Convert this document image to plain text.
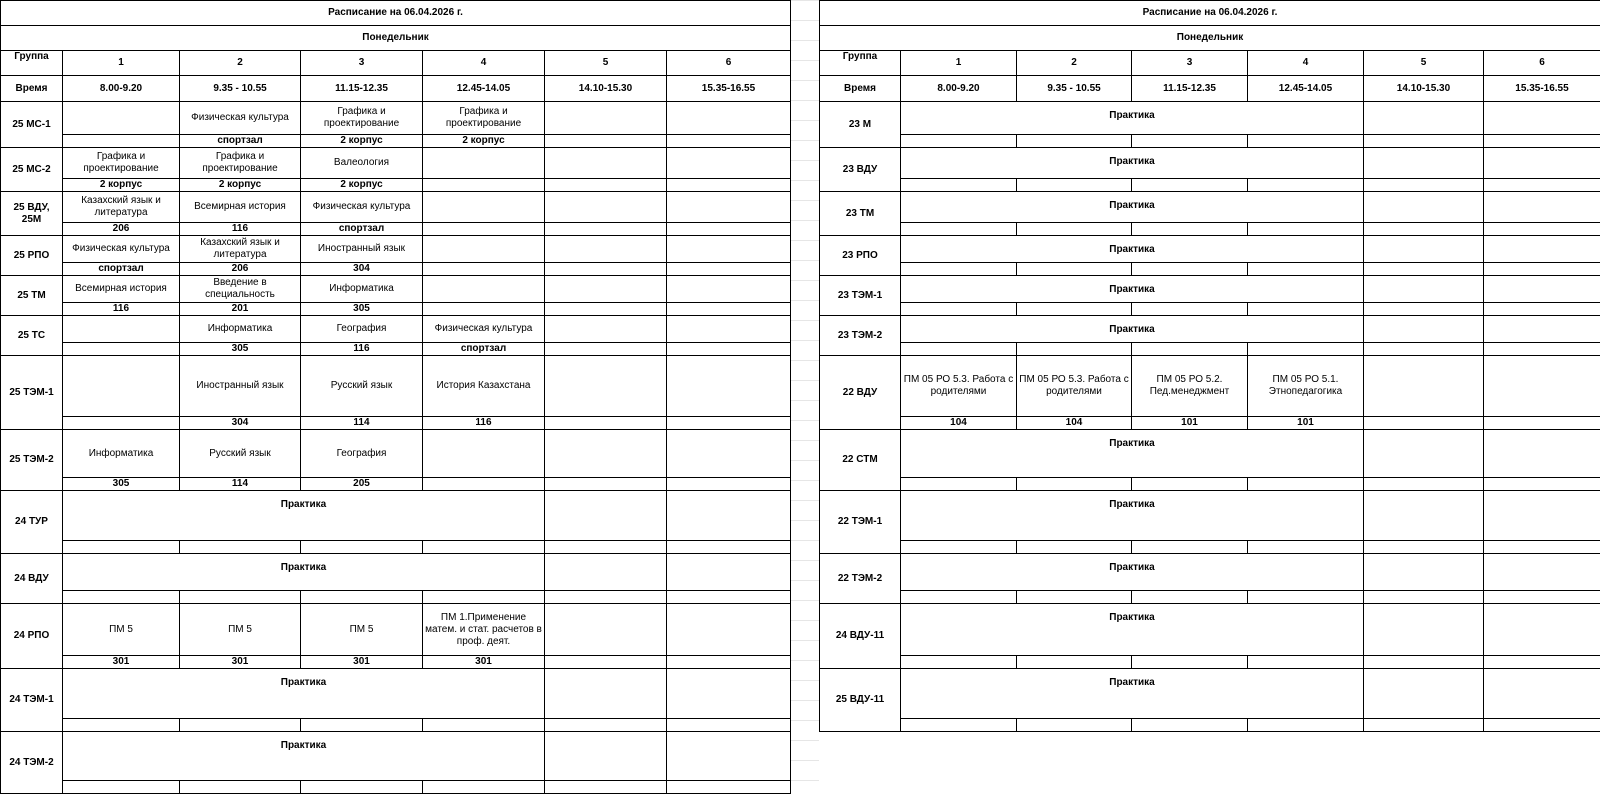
Расписание на 06.04.2026 г.						
Понедельник						
Группа	1	2	3	4	5	6
Время	8.00-9.20	9.35 - 10.55	11.15-12.35	12.45-14.05	14.10-15.30	15.35-16.55
25 МС-1		Физическая культура	Графика и проектирование	Графика и проектирование		
		спортзал	2 корпус	2 корпус		
25 МС-2	Графика и проектирование	Графика и проектирование	Валеология			
	2 корпус	2 корпус	2 корпус			
25 ВДУ, 25М	Казахский язык и литература	Всемирная история	Физическая культура			
	206	116	спортзал			
25 РПО	Физическая культура	Казахский язык и литература	Иностранный язык			
	спортзал	206	304			
25 ТМ	Всемирная история	Введение в специальность	Информатика			
	116	201	305			
25 ТС		Информатика	География	Физическая культура		
		305	116	спортзал		
25 ТЭМ-1		Иностранный язык	Русский язык	История Казахстана		
		304	114	116		
25 ТЭМ-2	Информатика	Русский язык	География			
	305	114	205			
24 ТУР	Практика					

24 ВДУ	Практика					

24 РПО	ПМ 5	ПМ 5	ПМ 5	ПМ 1.Применение матем. и стат. расчетов в проф. деят.		
	301	301	301	301		
24 ТЭМ-1	Практика					

24 ТЭМ-2	Практика					

Расписание на 06.04.2026 г.						
Понедельник						
Группа	1	2	3	4	5	6
Время	8.00-9.20	9.35 - 10.55	11.15-12.35	12.45-14.05	14.10-15.30	15.35-16.55
23 М	Практика					

23 ВДУ	Практика					

23 ТМ	Практика					

23 РПО	Практика					

23 ТЭМ-1	Практика					

23 ТЭМ-2	Практика					

22 ВДУ	ПМ 05 РО 5.3. Работа с родителями	ПМ 05 РО 5.3. Работа с родителями	ПМ 05 РО 5.2. Пед.менеджмент	ПМ 05 РО 5.1. Этнопедагогика		
	104	104	101	101		
22 СТМ	Практика					

22 ТЭМ-1	Практика					

22 ТЭМ-2	Практика					

24 ВДУ-11	Практика					

25 ВДУ-11	Практика					
